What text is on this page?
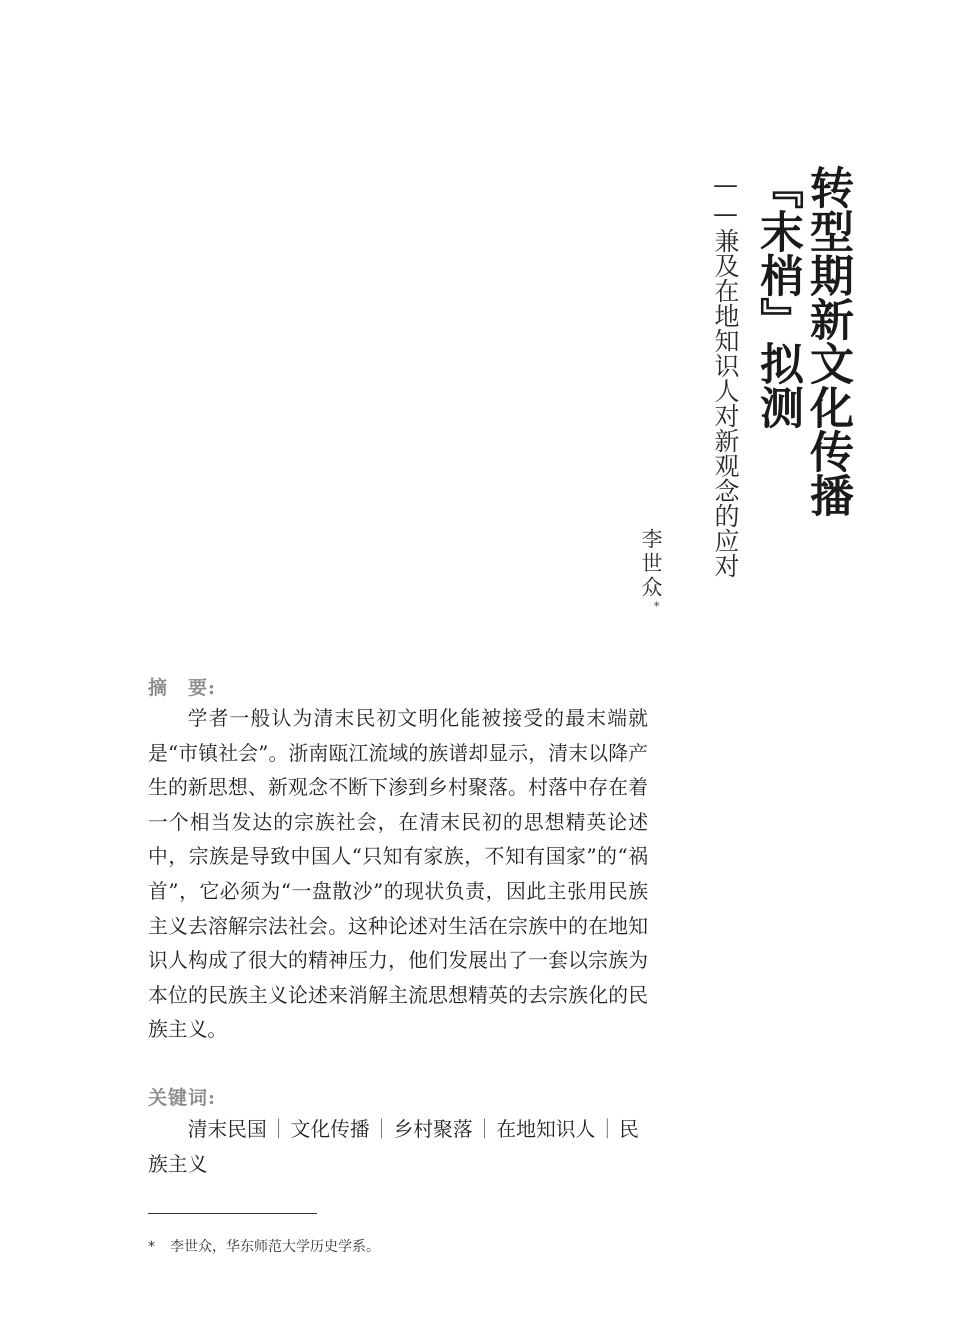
转型期新文化传播
『末梢』拟测
——兼及在地知识人对新观念的应对
李世众
*
摘　要:

学者一般认为清末民初文明化能被接受的最末端就是“市镇社会”。浙南瓯江流域的族谱却显示，清末以降产生的新思想、新观念不断下渗到乡村聚落。村落中存在着一个相当发达的宗族社会，在清末民初的思想精英论述中，宗族是导致中国人“只知有家族，不知有国家”的“祸首”，它必须为“一盘散沙”的现状负责，因此主张用民族主义去溶解宗法社会。这种论述对生活在宗族中的在地知识人构成了很大的精神压力，他们发展出了一套以宗族为本位的民族主义论述来消解主流思想精英的去宗族化的民族主义。

关键词:

清末民国 ｜ 文化传播 ｜ 乡村聚落 ｜ 在地知识人 ｜ 民族主义

* 李世众，华东师范大学历史学系。
